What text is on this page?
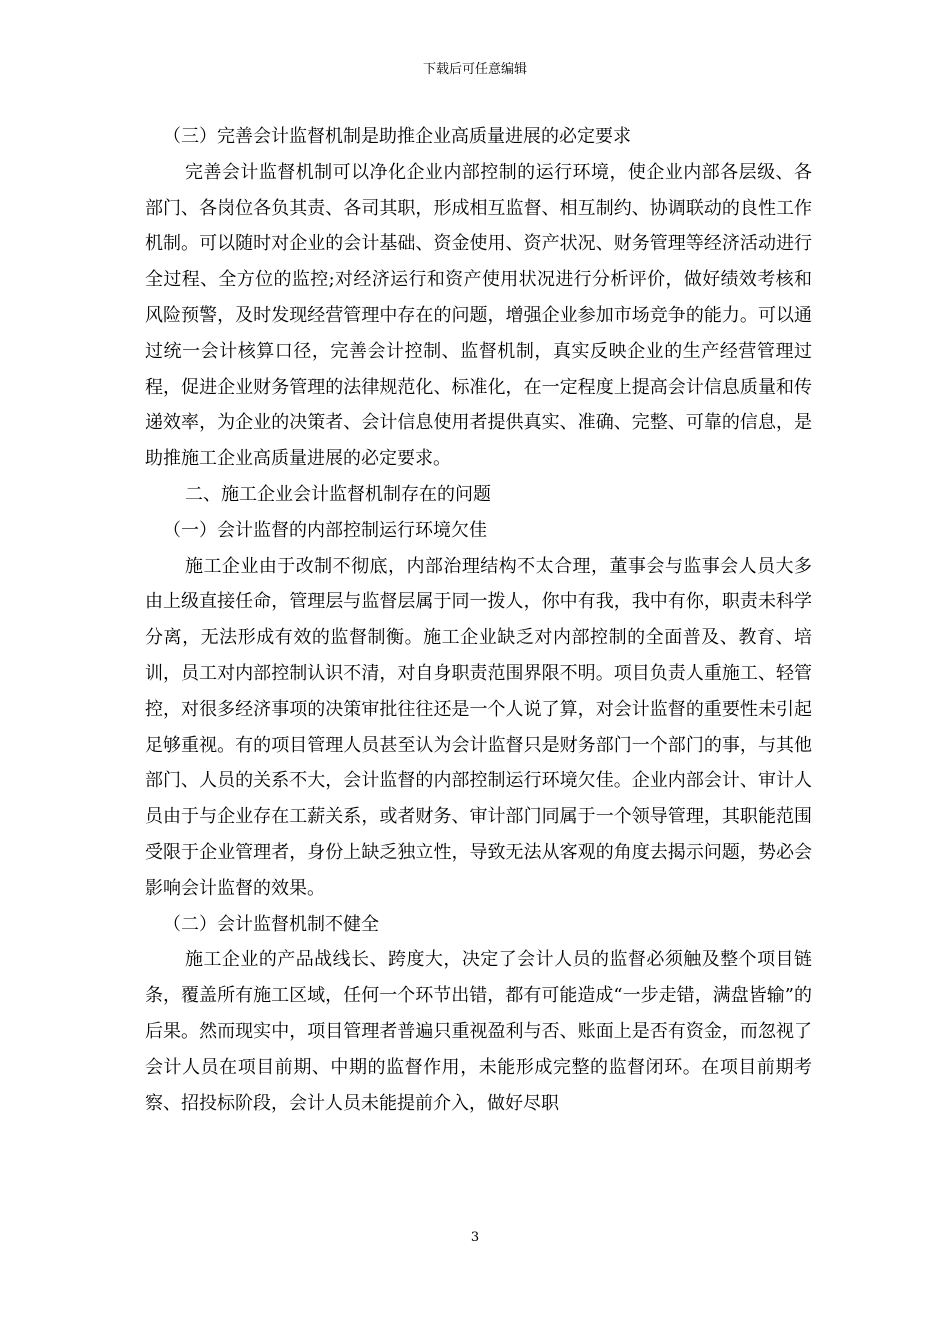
下载后可任意编辑

（三）完善会计监督机制是助推企业高质量进展的必定要求

完善会计监督机制可以净化企业内部控制的运行环境，使企业内部各层级、各部门、各岗位各负其责、各司其职，形成相互监督、相互制约、协调联动的良性工作机制。可以随时对企业的会计基础、资金使用、资产状况、财务管理等经济活动进行全过程、全方位的监控;对经济运行和资产使用状况进行分析评价，做好绩效考核和风险预警，及时发现经营管理中存在的问题，增强企业参加市场竞争的能力。可以通过统一会计核算口径，完善会计控制、监督机制，真实反映企业的生产经营管理过程，促进企业财务管理的法律规范化、标准化，在一定程度上提高会计信息质量和传递效率，为企业的决策者、会计信息使用者提供真实、准确、完整、可靠的信息，是助推施工企业高质量进展的必定要求。

二、施工企业会计监督机制存在的问题

（一）会计监督的内部控制运行环境欠佳

施工企业由于改制不彻底，内部治理结构不太合理，董事会与监事会人员大多由上级直接任命，管理层与监督层属于同一拨人，你中有我，我中有你，职责未科学分离，无法形成有效的监督制衡。施工企业缺乏对内部控制的全面普及、教育、培训，员工对内部控制认识不清，对自身职责范围界限不明。项目负责人重施工、轻管控，对很多经济事项的决策审批往往还是一个人说了算，对会计监督的重要性未引起足够重视。有的项目管理人员甚至认为会计监督只是财务部门一个部门的事，与其他部门、人员的关系不大，会计监督的内部控制运行环境欠佳。企业内部会计、审计人员由于与企业存在工薪关系，或者财务、审计部门同属于一个领导管理，其职能范围受限于企业管理者，身份上缺乏独立性，导致无法从客观的角度去揭示问题，势必会影响会计监督的效果。

（二）会计监督机制不健全

施工企业的产品战线长、跨度大，决定了会计人员的监督必须触及整个项目链条，覆盖所有施工区域，任何一个环节出错，都有可能造成“一步走错，满盘皆输”的后果。然而现实中，项目管理者普遍只重视盈利与否、账面上是否有资金，而忽视了会计人员在项目前期、中期的监督作用，未能形成完整的监督闭环。在项目前期考察、招投标阶段，会计人员未能提前介入，做好尽职

3
